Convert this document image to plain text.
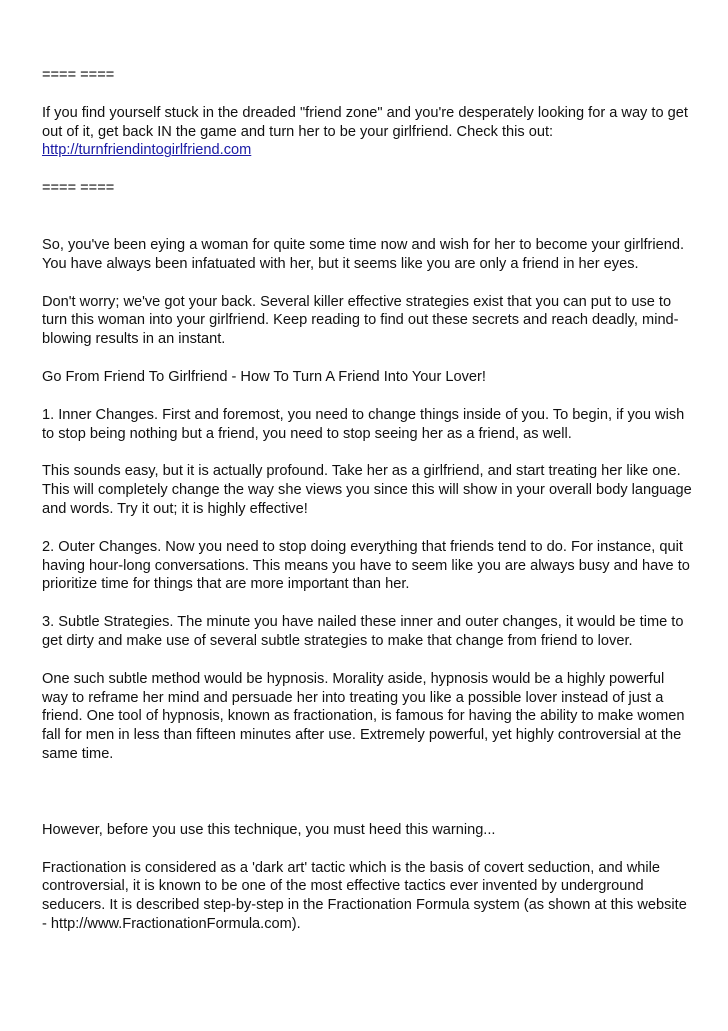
==== ====
If you find yourself stuck in the dreaded "friend zone" and you're desperately looking for a way to get out of it, get back IN the game and turn her to be your girlfriend. Check this out:
http://turnfriendintogirlfriend.com
==== ====
So, you've been eying a woman for quite some time now and wish for her to become your girlfriend. You have always been infatuated with her, but it seems like you are only a friend in her eyes.
Don't worry; we've got your back. Several killer effective strategies exist that you can put to use to turn this woman into your girlfriend. Keep reading to find out these secrets and reach deadly, mind-blowing results in an instant.
Go From Friend To Girlfriend - How To Turn A Friend Into Your Lover!
1. Inner Changes. First and foremost, you need to change things inside of you. To begin, if you wish to stop being nothing but a friend, you need to stop seeing her as a friend, as well.
This sounds easy, but it is actually profound. Take her as a girlfriend, and start treating her like one. This will completely change the way she views you since this will show in your overall body language and words. Try it out; it is highly effective!
2. Outer Changes. Now you need to stop doing everything that friends tend to do. For instance, quit having hour-long conversations. This means you have to seem like you are always busy and have to prioritize time for things that are more important than her.
3. Subtle Strategies. The minute you have nailed these inner and outer changes, it would be time to get dirty and make use of several subtle strategies to make that change from friend to lover.
One such subtle method would be hypnosis. Morality aside, hypnosis would be a highly powerful way to reframe her mind and persuade her into treating you like a possible lover instead of just a friend. One tool of hypnosis, known as fractionation, is famous for having the ability to make women fall for men in less than fifteen minutes after use. Extremely powerful, yet highly controversial at the same time.
However, before you use this technique, you must heed this warning...
Fractionation is considered as a 'dark art' tactic which is the basis of covert seduction, and while controversial, it is known to be one of the most effective tactics ever invented by underground seducers. It is described step-by-step in the Fractionation Formula system (as shown at this website - http://www.FractionationFormula.com).
